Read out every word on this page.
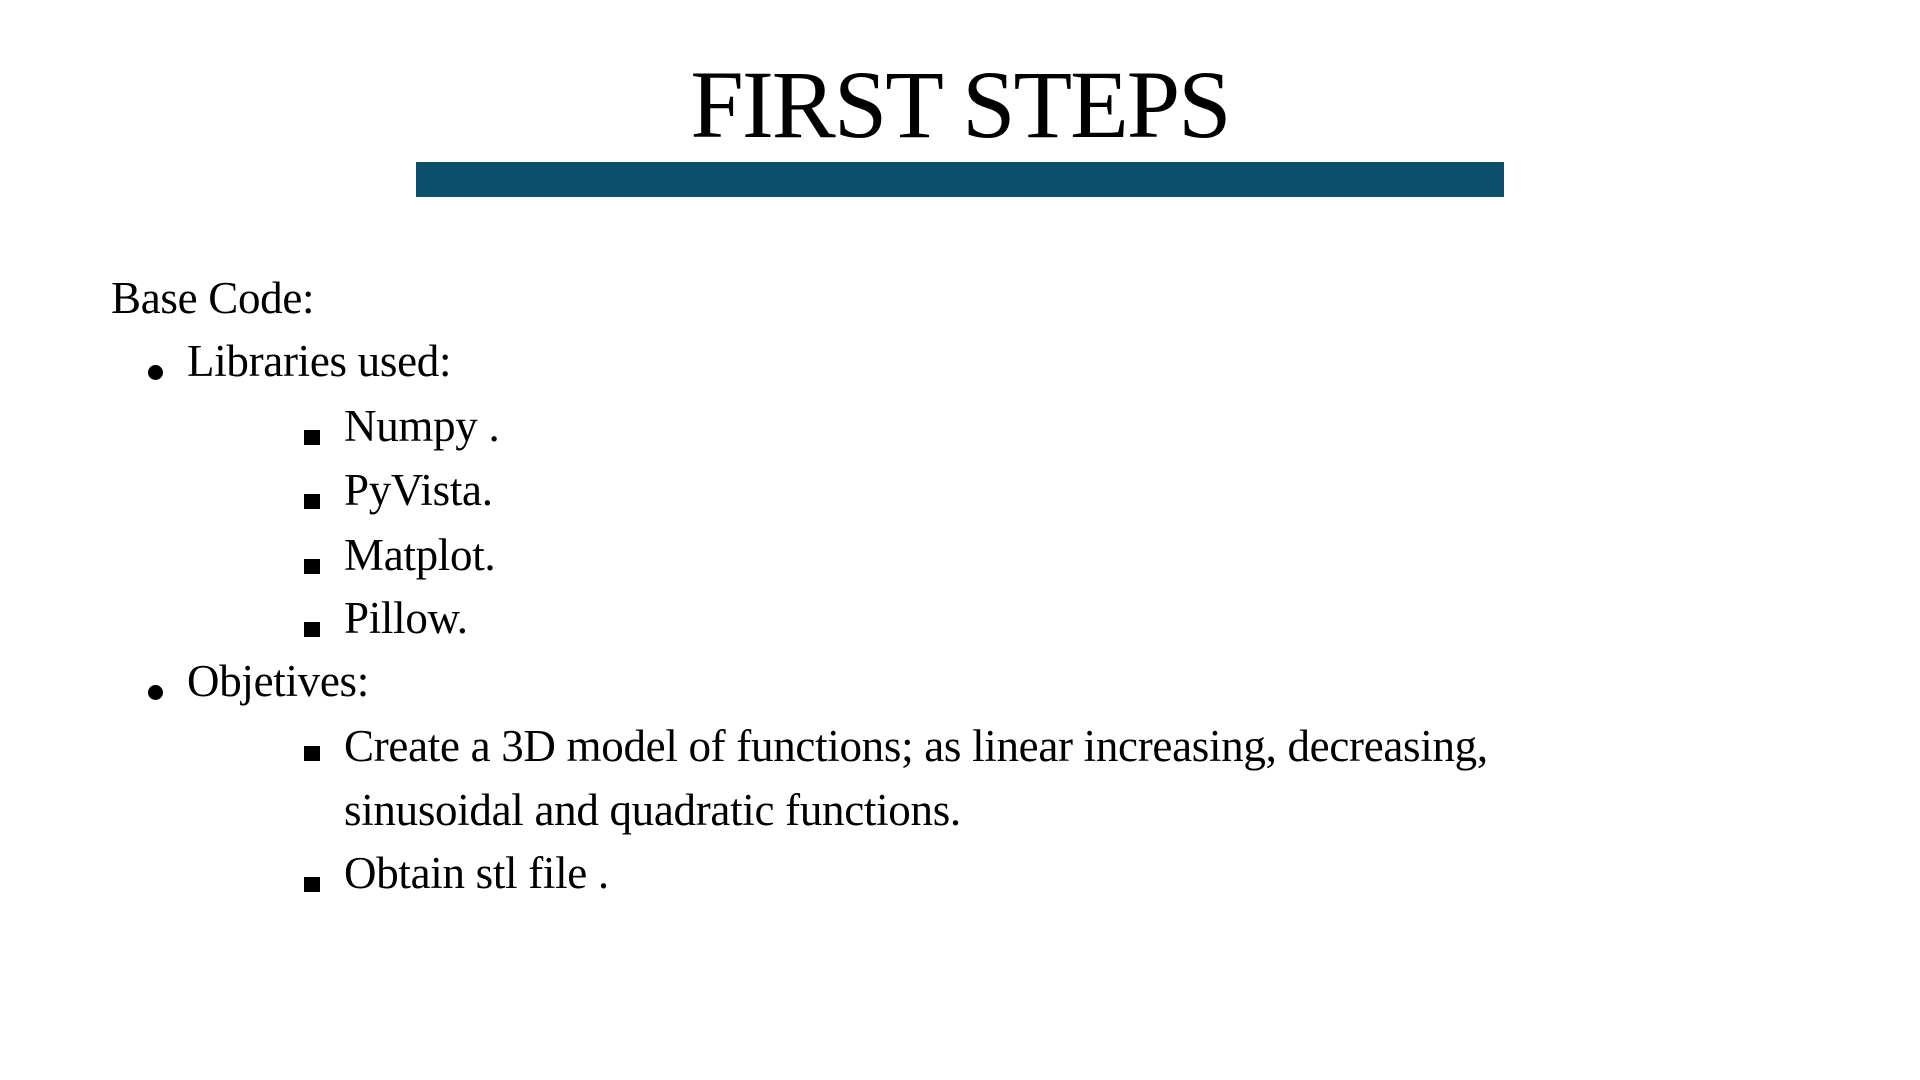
FIRST STEPS
Base Code:
Libraries used:
Numpy .
PyVista.
Matplot.
Pillow.
Objetives:
Create a 3D model of functions; as linear increasing, decreasing,
sinusoidal and quadratic functions.
Obtain stl file .
